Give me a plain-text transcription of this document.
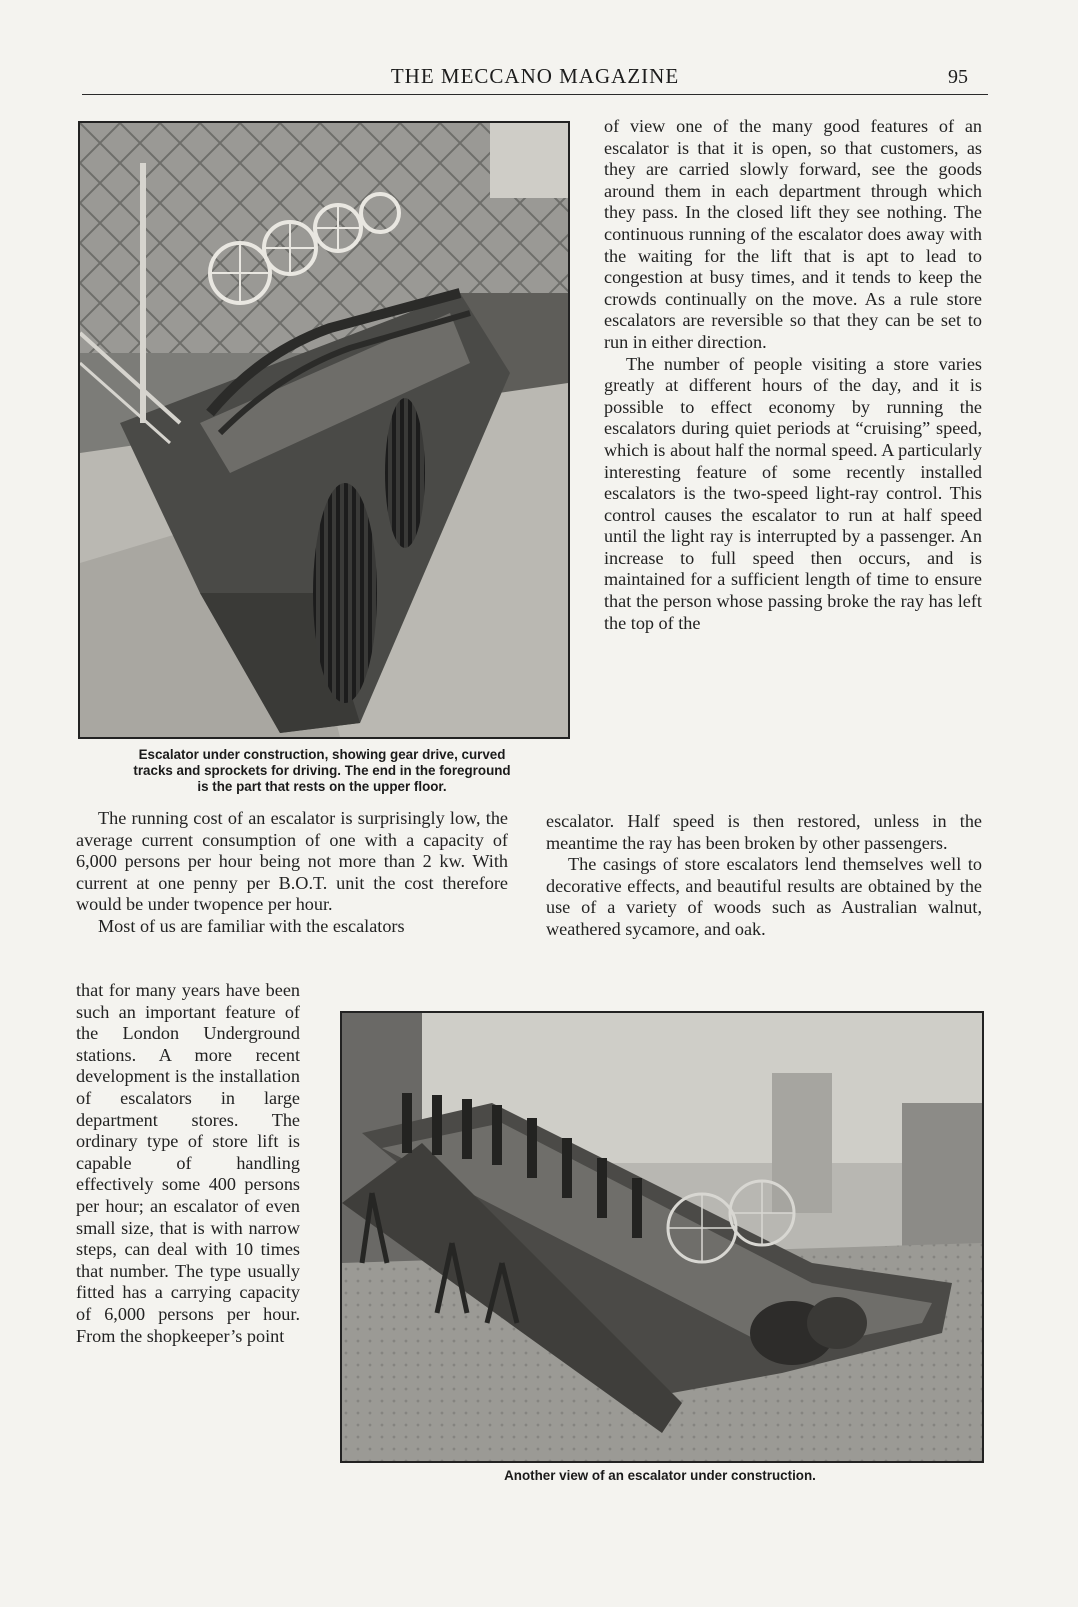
THE MECCANO MAGAZINE	95
Escalator under construction, showing gear drive, curved
tracks and sprockets for driving. The end in the foreground
is the part that rests on the upper floor.

of view one of the many good features of an escalator is that it is open, so that customers, as they are carried slowly forward, see the goods around them in each department through which they pass. In the closed lift they see nothing. The continuous running of the escalator does away with the waiting for the lift that is apt to lead to congestion at busy times, and it tends to keep the crowds continually on the move. As a rule store escalators are reversible so that they can be set to run in either direction.

The number of people visiting a store varies greatly at different hours of the day, and it is possible to effect economy by running the escalators during quiet periods at “cruising” speed, which is about half the normal speed. A particularly interesting feature of some recently installed escalators is the two-speed light-ray control. This control causes the escalator to run at half speed until the light ray is interrupted by a passenger. An increase to full speed then occurs, and is maintained for a sufficient length of time to ensure that the person whose passing broke the ray has left the top of the

The running cost of an escalator is surprisingly low, the average current consumption of one with a capacity of 6,000 persons per hour being not more than 2 kw. With current at one penny per B.O.T. unit the cost therefore would be under twopence per hour.

Most of us are familiar with the escalators

escalator. Half speed is then restored, unless in the meantime the ray has been broken by other passengers.

The casings of store escalators lend themselves well to decorative effects, and beautiful results are obtained by the use of a variety of woods such as Australian walnut, weathered sycamore, and oak.

that for many years have been such an important feature of the London Underground stations. A more recent development is the installation of escalators in large department stores. The ordinary type of store lift is capable of handling effectively some 400 persons per hour; an escalator of even small size, that is with narrow steps, can deal with 10 times that number. The type usually fitted has a carrying capacity of 6,000 persons per hour. From the shopkeeper’s point

Another view of an escalator under construction.
